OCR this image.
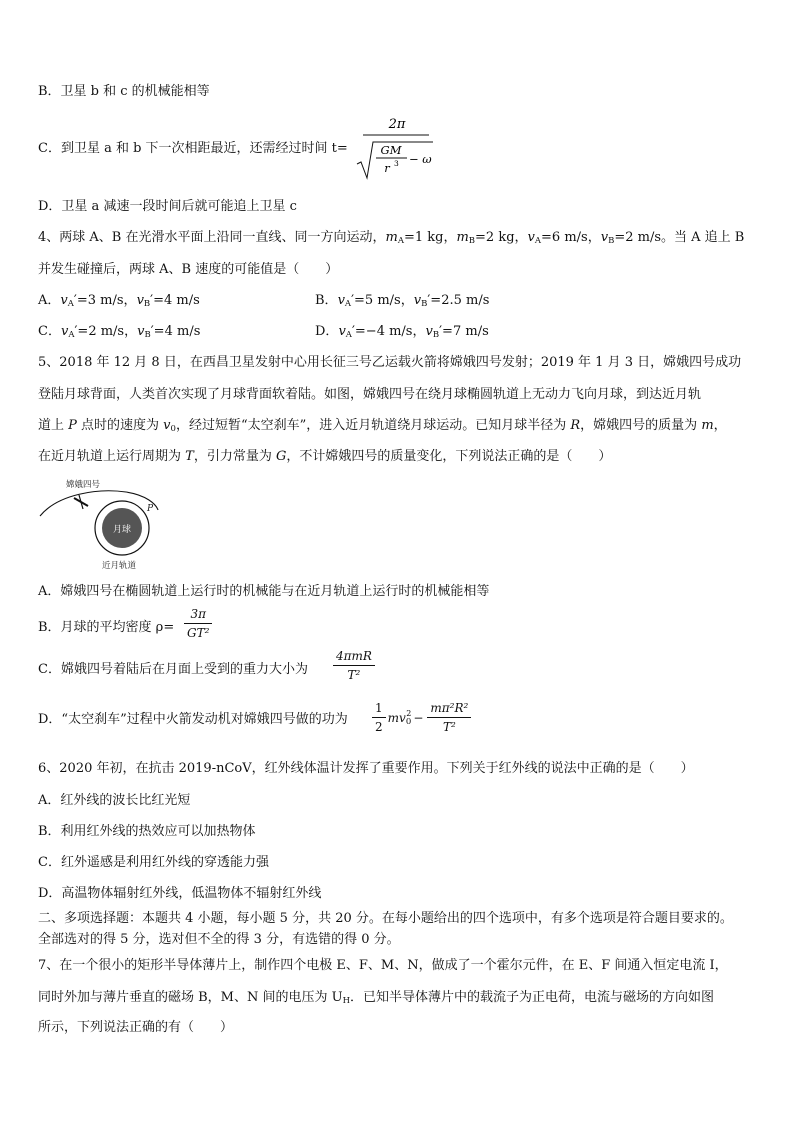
B．卫星 b 和 c 的机械能相等
C．到卫星 a 和 b 下一次相距最近，还需经过时间 t=
2π
GM
r 3 − ω
D．卫星 a 减速一段时间后就可能追上卫星 c
4、两球 A、B 在光滑水平面上沿同一直线、同一方向运动，$m_A=1$ kg，$m_B=2$ kg，$v_A=6$ m/s，$v_B=2$ m/s。当 A 追上 B
并发生碰撞后，两球 A、B 速度的可能值是（　　）
A．$v_A'=3$ m/s，$v_B'=4$ m/s	B．$v_A'=5$ m/s，$v_B'=2.5$ m/s
C．$v_A'=2$ m/s，$v_B'=4$ m/s	D．$v_A'=-4$ m/s，$v_B'=7$ m/s
5、2018 年 12 月 8 日，在西昌卫星发射中心用长征三号乙运载火箭将嫦娥四号发射；2019 年 1 月 3 日，嫦娥四号成功
登陆月球背面，人类首次实现了月球背面软着陆。如图，嫦娥四号在绕月球椭圆轨道上无动力飞向月球，到达近月轨
道上 P 点时的速度为 $v_0$，经过短暂“太空刹车”，进入近月轨道绕月球运动。已知月球半径为 R，嫦娥四号的质量为 m，
在近月轨道上运行周期为 T，引力常量为 G，不计嫦娥四号的质量变化，下列说法正确的是（　　）
月球
嫦娥四号
P
近月轨道
A．嫦娥四号在椭圆轨道上运行时的机械能与在近月轨道上运行时的机械能相等
B．月球的平均密度 $\rho= \frac{3\pi}{\text{GT²}}$
C．嫦娥四号着陆后在月面上受到的重力大小为
4πmR
T²
D．“太空刹车”过程中火箭发动机对嫦娥四号做的功为 $\frac{1}{2} mv_0^2 - \frac{\text{mπ²R²}}{\text{T²}}$
6、2020 年初，在抗击 2019-nCoV，红外线体温计发挥了重要作用。下列关于红外线的说法中正确的是（　　）
A．红外线的波长比红光短
B．利用红外线的热效应可以加热物体
C．红外遥感是利用红外线的穿透能力强
D．高温物体辐射红外线，低温物体不辐射红外线
二、多项选择题：本题共 4 小题，每小题 5 分，共 20 分。在每小题给出的四个选项中，有多个选项是符合题目要求的。
全部选对的得 5 分，选对但不全的得 3 分，有选错的得 0 分。
7、在一个很小的矩形半导体薄片上，制作四个电极 E、F、M、N，做成了一个霍尔元件，在 E、F 间通入恒定电流 I，
同时外加与薄片垂直的磁场 B，M、N 间的电压为 $U_H$．已知半导体薄片中的载流子为正电荷，电流与磁场的方向如图
所示，下列说法正确的有（　　）
